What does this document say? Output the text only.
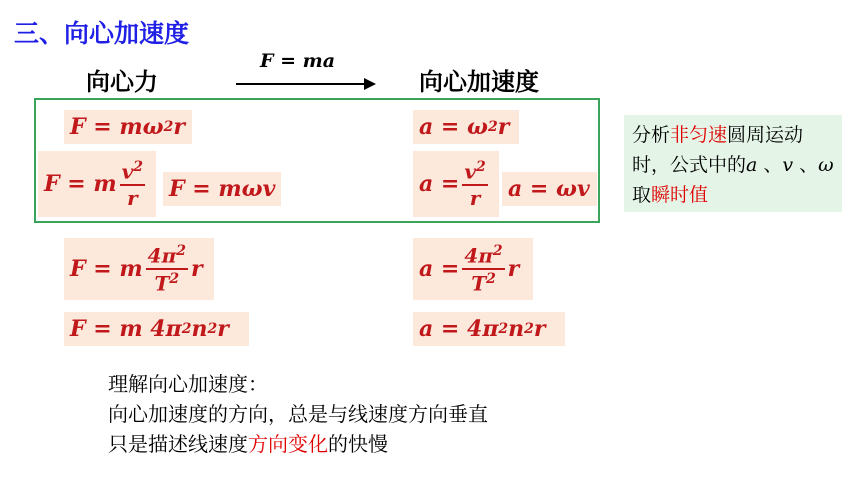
三、向心加速度
向心力	向心加速度
F = ma
F = m ω 2 r
F = m $\frac{v^2}{r}$ F = mωv
F = m $\frac{4\pi^2}{T^2}$ r
F = m 4π 2 n 2 r
a = ω 2 r
$a = \frac{v^2}{r}$ a = ωv
$a = \frac{4\pi^2}{T^2}$ r
a = 4π 2 n 2 r
分析非匀速圆周运动时，公式中的a 、v 、ω 取瞬时值
理解向心加速度：
向心加速度的方向，总是与线速度方向垂直
只是描述线速度方向变化的快慢
